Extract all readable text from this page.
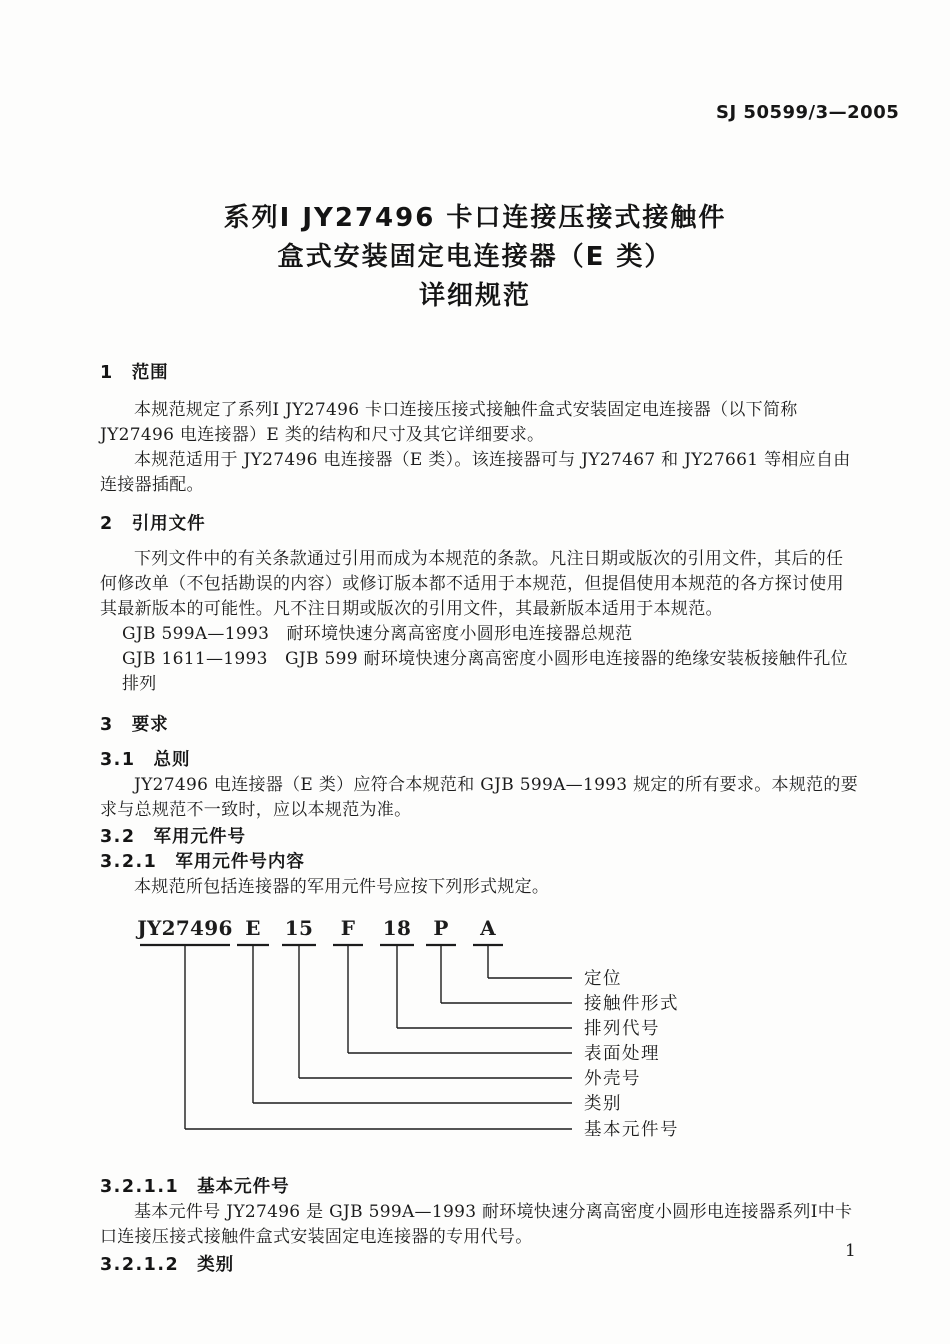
SJ 50599/3—2005
系列Ⅰ JY27496 卡口连接压接式接触件
盒式安装固定电连接器（E 类）
详细规范
1 范围

本规范规定了系列Ⅰ JY27496 卡口连接压接式接触件盒式安装固定电连接器（以下简称 JY27496 电连接器）E 类的结构和尺寸及其它详细要求。

本规范适用于 JY27496 电连接器（E 类）。该连接器可与 JY27467 和 JY27661 等相应自由连接器插配。

2 引用文件

下列文件中的有关条款通过引用而成为本规范的条款。凡注日期或版次的引用文件，其后的任何修改单（不包括勘误的内容）或修订版本都不适用于本规范，但提倡使用本规范的各方探讨使用其最新版本的可能性。凡不注日期或版次的引用文件，其最新版本适用于本规范。

GJB 599A—1993　耐环境快速分离高密度小圆形电连接器总规范

GJB 1611—1993　GJB 599 耐环境快速分离高密度小圆形电连接器的绝缘安装板接触件孔位排列

3 要求
3.1 总则

JY27496 电连接器（E 类）应符合本规范和 GJB 599A—1993 规定的所有要求。本规范的要求与总规范不一致时，应以本规范为准。

3.2 军用元件号
3.2.1 军用元件号内容

本规范所包括连接器的军用元件号应按下列形式规定。

JY27496
基本元件号
E
类别
15
外壳号
F
表面处理
18
排列代号
P
接触件形式
A
定位
3.2.1.1 基本元件号

基本元件号 JY27496 是 GJB 599A—1993 耐环境快速分离高密度小圆形电连接器系列Ⅰ中卡口连接压接式接触件盒式安装固定电连接器的专用代号。

3.2.1.2 类别
1
